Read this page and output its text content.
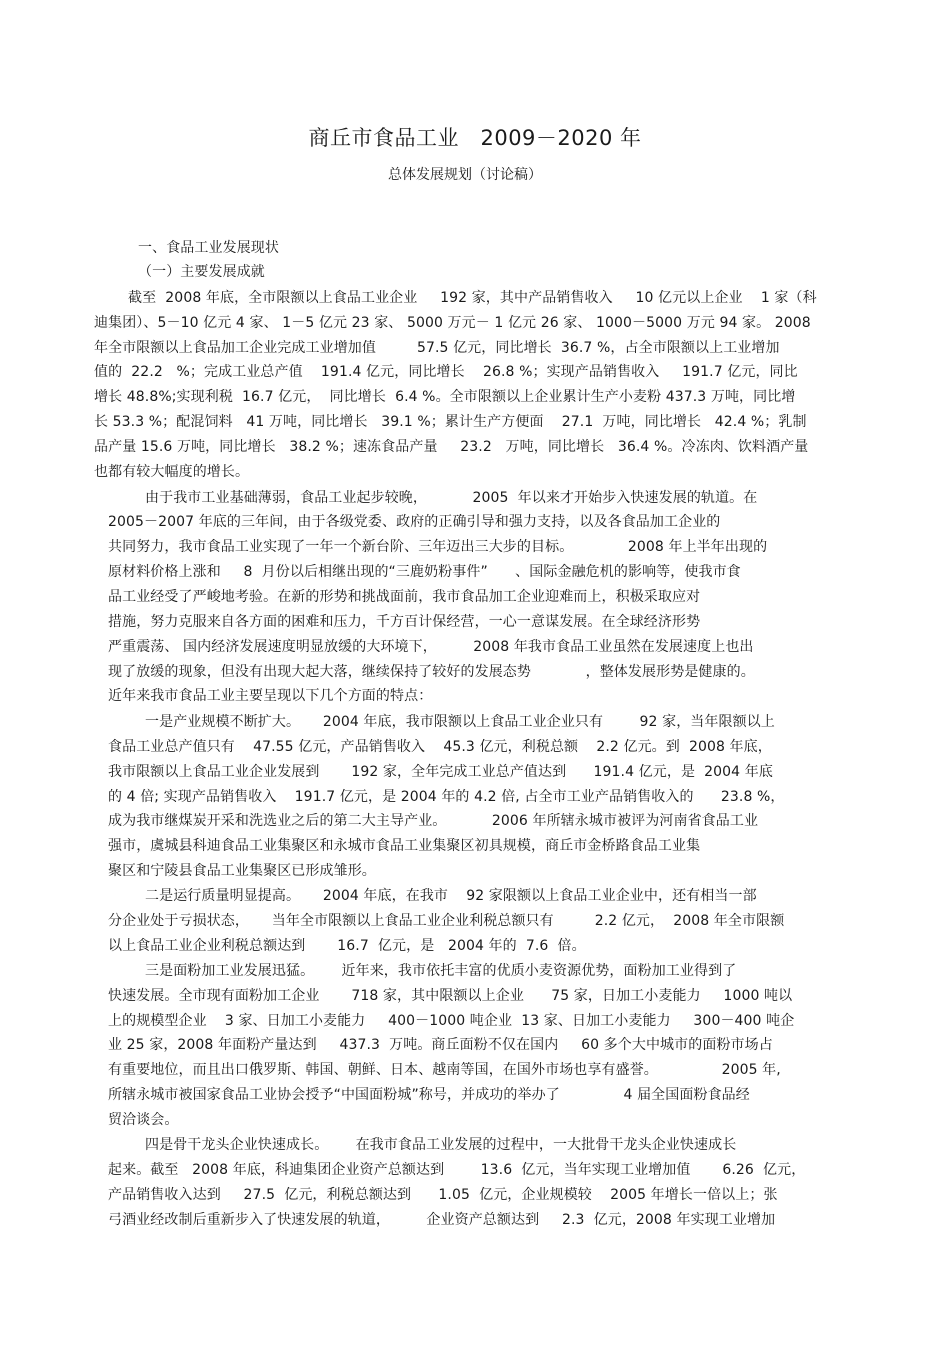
商丘市食品工业　2009－2020 年
总体发展规划（讨论稿）
一、食品工业发展现状
（一）主要发展成就
截至  2008 年底，全市限额以上食品工业企业     192 家，其中产品销售收入     10 亿元以上企业    1 家（科
迪集团）、5－10 亿元 4 家、 1－5 亿元 23 家、 5000 万元－ 1 亿元 26 家、 1000－5000 万元 94 家。 2008
年全市限额以上食品加工企业完成工业增加值         57.5 亿元，同比增长  36.7 %，占全市限额以上工业增加
值的  22.2   %；完成工业总产值    191.4 亿元，同比增长    26.8 %；实现产品销售收入     191.7 亿元，同比
增长 48.8%;实现利税  16.7 亿元，  同比增长  6.4 %。全市限额以上企业累计生产小麦粉 437.3 万吨，同比增
长 53.3 %；配混饲料   41 万吨，同比增长   39.1 %；累计生产方便面    27.1  万吨，同比增长   42.4 %；乳制
品产量 15.6 万吨，同比增长   38.2 %；速冻食品产量     23.2   万吨，同比增长   36.4 %。冷冻肉、饮料酒产量
也都有较大幅度的增长。
由于我市工业基础薄弱，食品工业起步较晚，          2005  年以来才开始步入快速发展的轨道。在
2005－2007 年底的三年间，由于各级党委、政府的正确引导和强力支持，以及各食品加工企业的
共同努力，我市食品工业实现了一年一个新台阶、三年迈出三大步的目标。            2008 年上半年出现的
原材料价格上涨和     8  月份以后相继出现的“三鹿奶粉事件”      、国际金融危机的影响等，使我市食
品工业经受了严峻地考验。在新的形势和挑战面前，我市食品加工企业迎难而上，积极采取应对
措施，努力克服来自各方面的困难和压力，千方百计保经营，一心一意谋发展。在全球经济形势
严重震荡、 国内经济发展速度明显放缓的大环境下，        2008 年我市食品工业虽然在发展速度上也出
现了放缓的现象，但没有出现大起大落，继续保持了较好的发展态势            ，整体发展形势是健康的。
近年来我市食品工业主要呈现以下几个方面的特点：
一是产业规模不断扩大。     2004 年底，我市限额以上食品工业企业只有        92 家，当年限额以上
食品工业总产值只有    47.55 亿元，产品销售收入    45.3 亿元，利税总额    2.2 亿元。到  2008 年底，
我市限额以上食品工业企业发展到       192 家，全年完成工业总产值达到      191.4 亿元，是  2004 年底
的 4 倍; 实现产品销售收入    191.7 亿元，是 2004 年的 4.2 倍, 占全市工业产品销售收入的      23.8 %，
成为我市继煤炭开采和洗选业之后的第二大主导产业。          2006 年所辖永城市被评为河南省食品工业
强市，虞城县科迪食品工业集聚区和永城市食品工业集聚区初具规模，商丘市金桥路食品工业集
聚区和宁陵县食品工业集聚区已形成雏形。
二是运行质量明显提高。     2004 年底，在我市    92 家限额以上食品工业企业中，还有相当一部
分企业处于亏损状态，     当年全市限额以上食品工业企业利税总额只有         2.2 亿元，  2008 年全市限额
以上食品工业企业利税总额达到       16.7  亿元，是   2004 年的  7.6  倍。
三是面粉加工业发展迅猛。      近年来，我市依托丰富的优质小麦资源优势，面粉加工业得到了
快速发展。全市现有面粉加工企业       718 家，其中限额以上企业      75 家，日加工小麦能力     1000 吨以
上的规模型企业    3 家、日加工小麦能力     400－1000 吨企业  13 家、日加工小麦能力     300－400 吨企
业 25 家，2008 年面粉产量达到     437.3  万吨。商丘面粉不仅在国内     60 多个大中城市的面粉市场占
有重要地位，而且出口俄罗斯、韩国、朝鲜、日本、越南等国，在国外市场也享有盛誉。              2005 年,
所辖永城市被国家食品工业协会授予“中国面粉城”称号，并成功的举办了              4 届全国面粉食品经
贸洽谈会。
四是骨干龙头企业快速成长。      在我市食品工业发展的过程中，一大批骨干龙头企业快速成长
起来。截至   2008 年底，科迪集团企业资产总额达到        13.6  亿元，当年实现工业增加值       6.26  亿元，
产品销售收入达到     27.5  亿元，利税总额达到      1.05  亿元，企业规模较    2005 年增长一倍以上；张
弓酒业经改制后重新步入了快速发展的轨道，        企业资产总额达到     2.3  亿元，2008 年实现工业增加
